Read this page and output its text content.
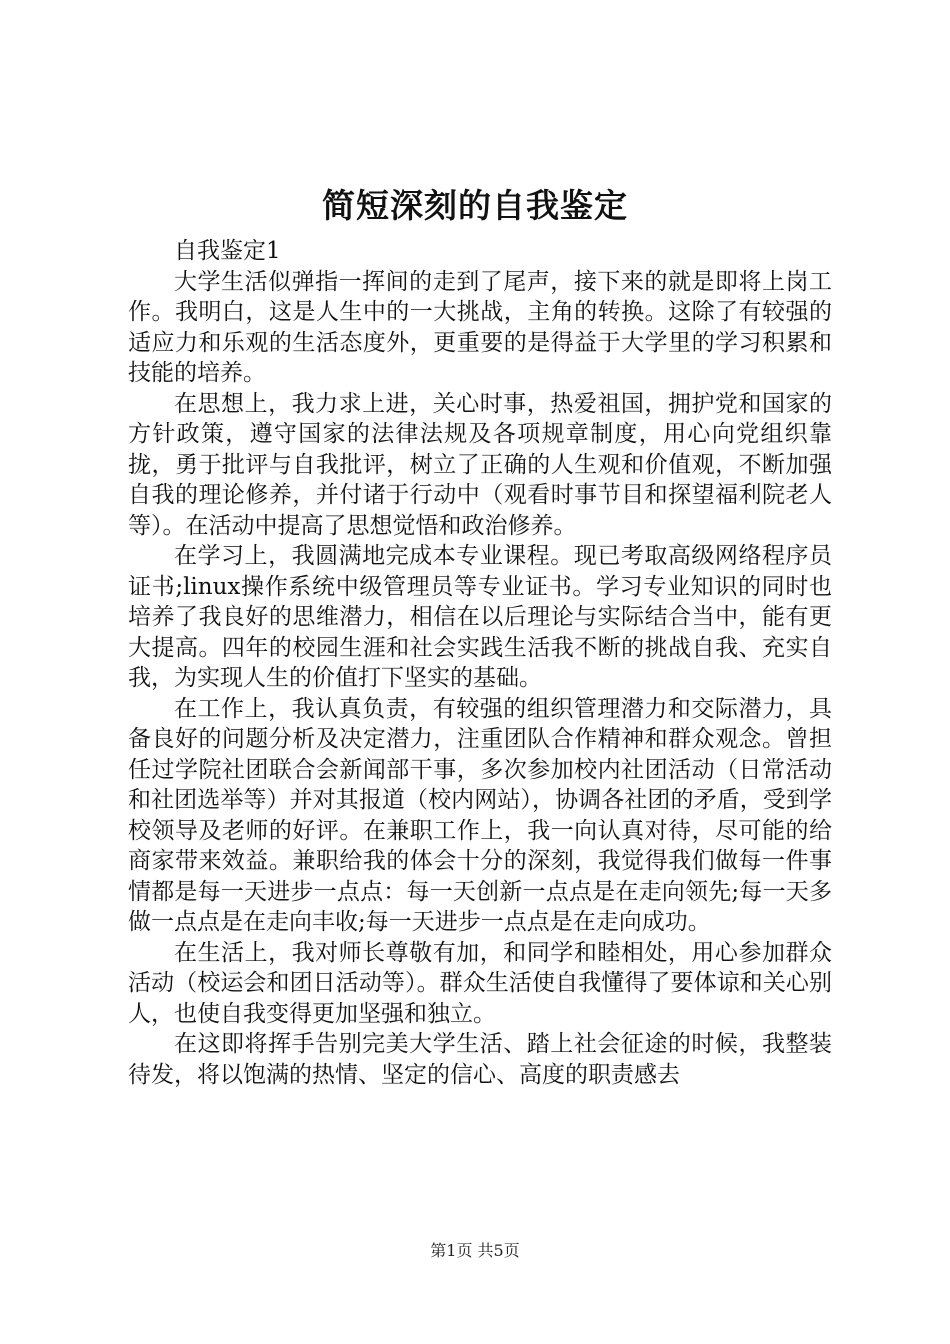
简短深刻的自我鉴定

自我鉴定1

大学生活似弹指一挥间的走到了尾声，接下来的就是即将上岗工作。我明白，这是人生中的一大挑战，主角的转换。这除了有较强的适应力和乐观的生活态度外，更重要的是得益于大学里的学习积累和技能的培养。

在思想上，我力求上进，关心时事，热爱祖国，拥护党和国家的方针政策，遵守国家的法律法规及各项规章制度，用心向党组织靠拢，勇于批评与自我批评，树立了正确的人生观和价值观，不断加强自我的理论修养，并付诸于行动中（观看时事节目和探望福利院老人等）。在活动中提高了思想觉悟和政治修养。

在学习上，我圆满地完成本专业课程。现已考取高级网络程序员证书;linux操作系统中级管理员等专业证书。学习专业知识的同时也培养了我良好的思维潜力，相信在以后理论与实际结合当中，能有更大提高。四年的校园生涯和社会实践生活我不断的挑战自我、充实自我，为实现人生的价值打下坚实的基础。

在工作上，我认真负责，有较强的组织管理潜力和交际潜力，具备良好的问题分析及决定潜力，注重团队合作精神和群众观念。曾担任过学院社团联合会新闻部干事，多次参加校内社团活动（日常活动和社团选举等）并对其报道（校内网站），协调各社团的矛盾，受到学校领导及老师的好评。在兼职工作上，我一向认真对待，尽可能的给商家带来效益。兼职给我的体会十分的深刻，我觉得我们做每一件事情都是每一天进步一点点：每一天创新一点点是在走向领先;每一天多做一点点是在走向丰收;每一天进步一点点是在走向成功。

在生活上，我对师长尊敬有加，和同学和睦相处，用心参加群众活动（校运会和团日活动等）。群众生活使自我懂得了要体谅和关心别人，也使自我变得更加坚强和独立。

在这即将挥手告别完美大学生活、踏上社会征途的时候，我整装待发，将以饱满的热情、坚定的信心、高度的职责感去

第1页 共5页
